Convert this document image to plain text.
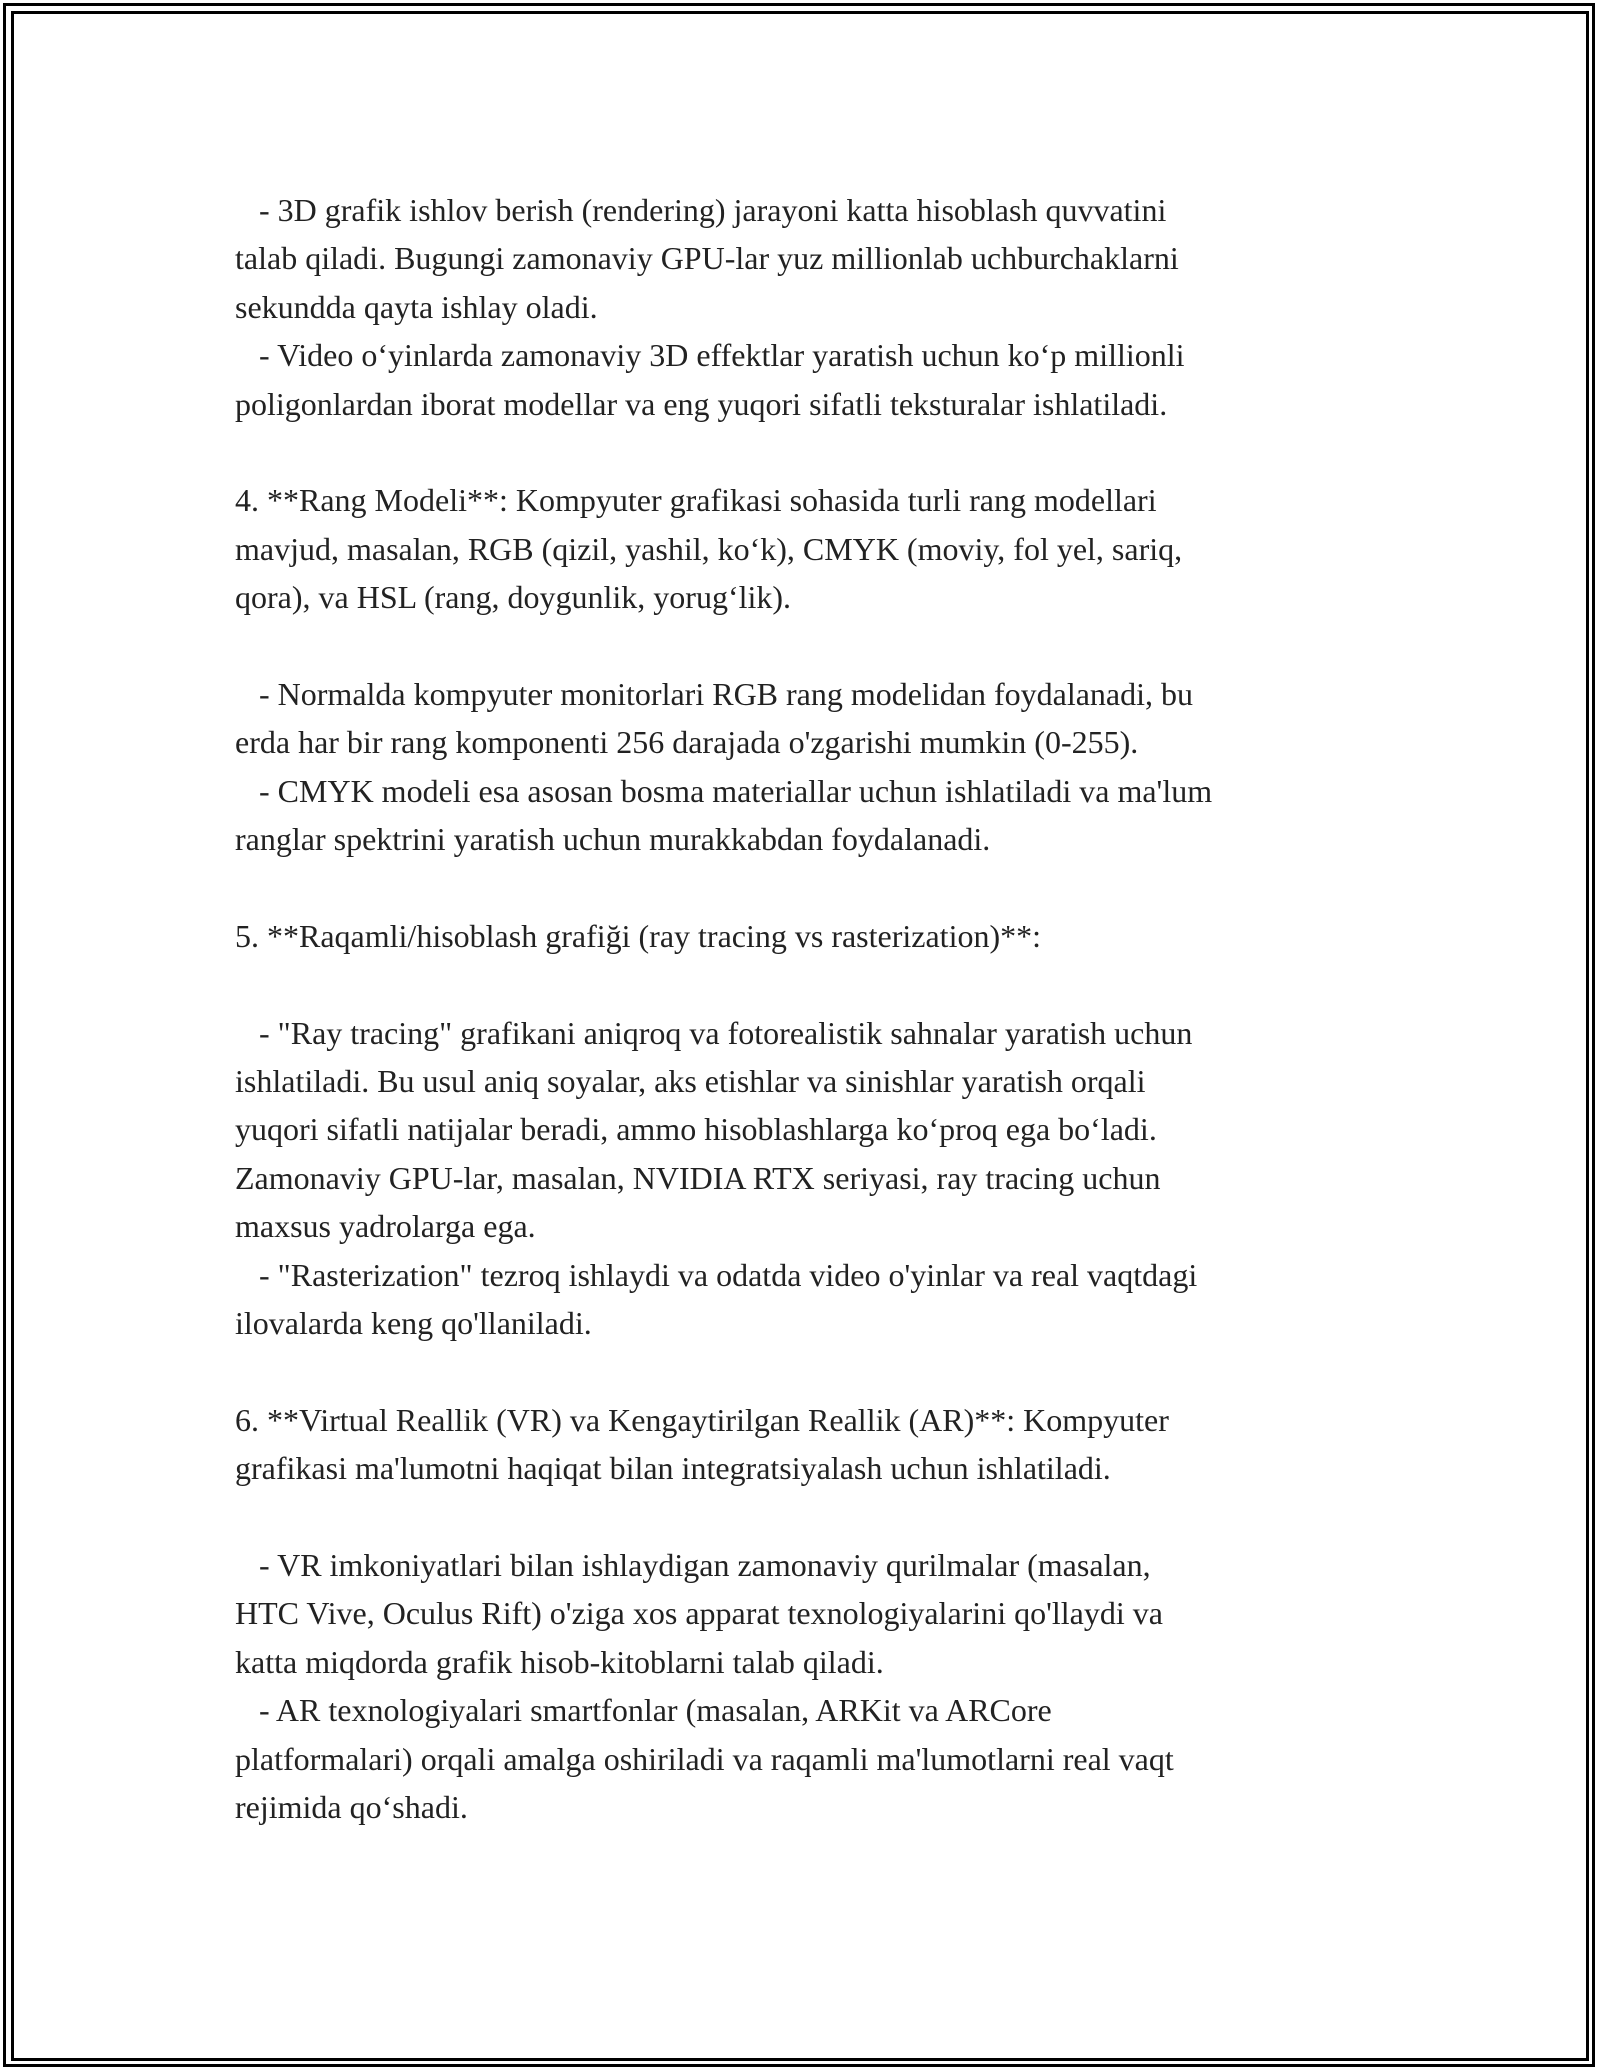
- 3D grafik ishlov berish (rendering) jarayoni katta hisoblash quvvatini
talab qiladi. Bugungi zamonaviy GPU-lar yuz millionlab uchburchaklarni
sekundda qayta ishlay oladi.
- Video o‘yinlarda zamonaviy 3D effektlar yaratish uchun ko‘p millionli
poligonlardan iborat modellar va eng yuqori sifatli teksturalar ishlatiladi.
4. **Rang Modeli**: Kompyuter grafikasi sohasida turli rang modellari
mavjud, masalan, RGB (qizil, yashil, ko‘k), CMYK (moviy, fol yel, sariq,
qora), va HSL (rang, doygunlik, yorug‘lik).
- Normalda kompyuter monitorlari RGB rang modelidan foydalanadi, bu
erda har bir rang komponenti 256 darajada o'zgarishi mumkin (0-255).
- CMYK modeli esa asosan bosma materiallar uchun ishlatiladi va ma'lum
ranglar spektrini yaratish uchun murakkabdan foydalanadi.
5. **Raqamli/hisoblash grafiği (ray tracing vs rasterization)**:
- "Ray tracing" grafikani aniqroq va fotorealistik sahnalar yaratish uchun
ishlatiladi. Bu usul aniq soyalar, aks etishlar va sinishlar yaratish orqali
yuqori sifatli natijalar beradi, ammo hisoblashlarga ko‘proq ega bo‘ladi.
Zamonaviy GPU-lar, masalan, NVIDIA RTX seriyasi, ray tracing uchun
maxsus yadrolarga ega.
- "Rasterization" tezroq ishlaydi va odatda video o'yinlar va real vaqtdagi
ilovalarda keng qo'llaniladi.
6. **Virtual Reallik (VR) va Kengaytirilgan Reallik (AR)**: Kompyuter
grafikasi ma'lumotni haqiqat bilan integratsiyalash uchun ishlatiladi.
- VR imkoniyatlari bilan ishlaydigan zamonaviy qurilmalar (masalan,
HTC Vive, Oculus Rift) o'ziga xos apparat texnologiyalarini qo'llaydi va
katta miqdorda grafik hisob-kitoblarni talab qiladi.
- AR texnologiyalari smartfonlar (masalan, ARKit va ARCore
platformalari) orqali amalga oshiriladi va raqamli ma'lumotlarni real vaqt
rejimida qo‘shadi.
